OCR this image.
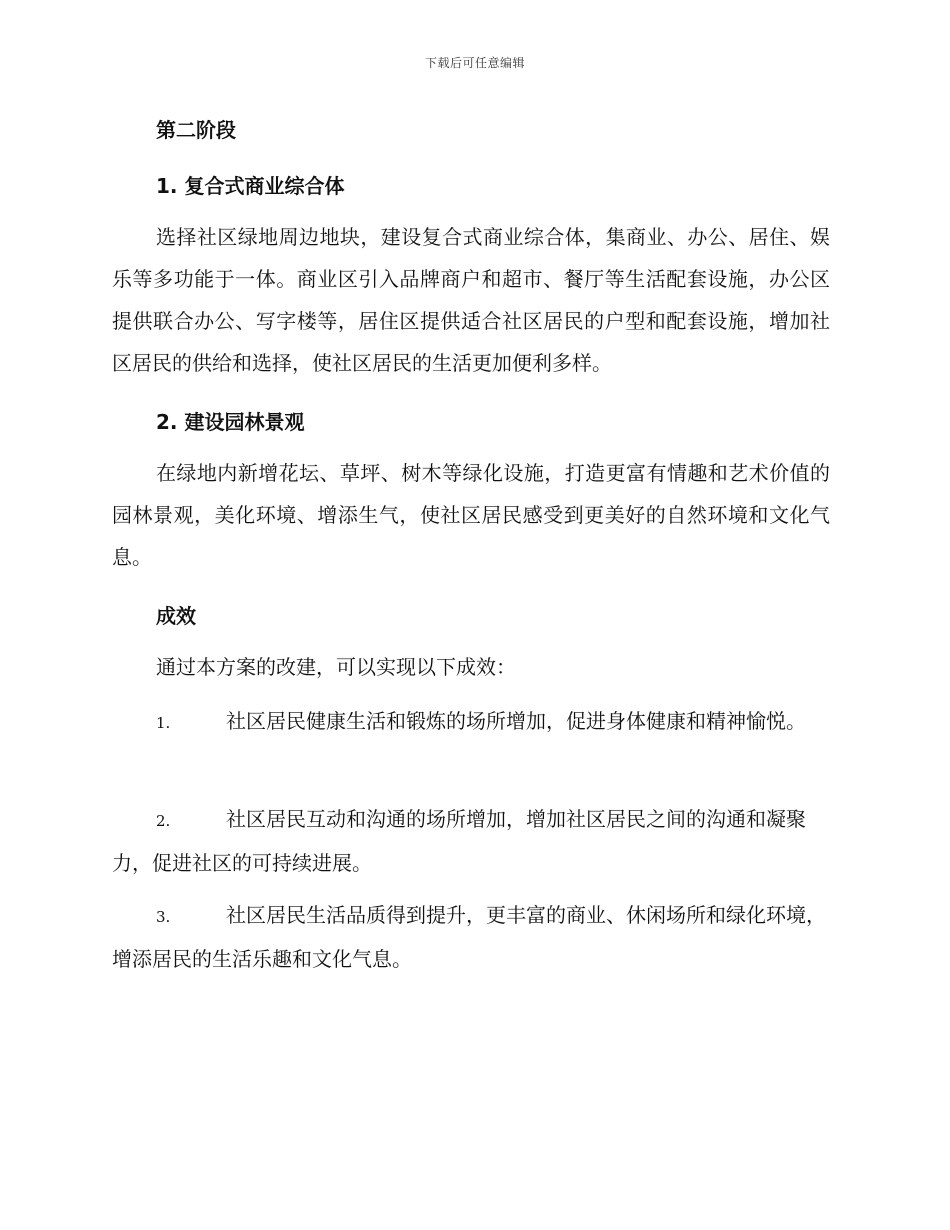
下载后可任意编辑
第二阶段
1. 复合式商业综合体

选择社区绿地周边地块，建设复合式商业综合体，集商业、办公、居住、娱乐等多功能于一体。商业区引入品牌商户和超市、餐厅等生活配套设施，办公区提供联合办公、写字楼等，居住区提供适合社区居民的户型和配套设施，增加社区居民的供给和选择，使社区居民的生活更加便利多样。

2. 建设园林景观

在绿地内新增花坛、草坪、树木等绿化设施，打造更富有情趣和艺术价值的园林景观，美化环境、增添生气，使社区居民感受到更美好的自然环境和文化气息。

成效

通过本方案的改建，可以实现以下成效：

1.	社区居民健康生活和锻炼的场所增加，促进身体健康和精神愉悦。

2.	社区居民互动和沟通的场所增加，增加社区居民之间的沟通和凝聚力，促进社区的可持续进展。

3.	社区居民生活品质得到提升，更丰富的商业、休闲场所和绿化环境，增添居民的生活乐趣和文化气息。
